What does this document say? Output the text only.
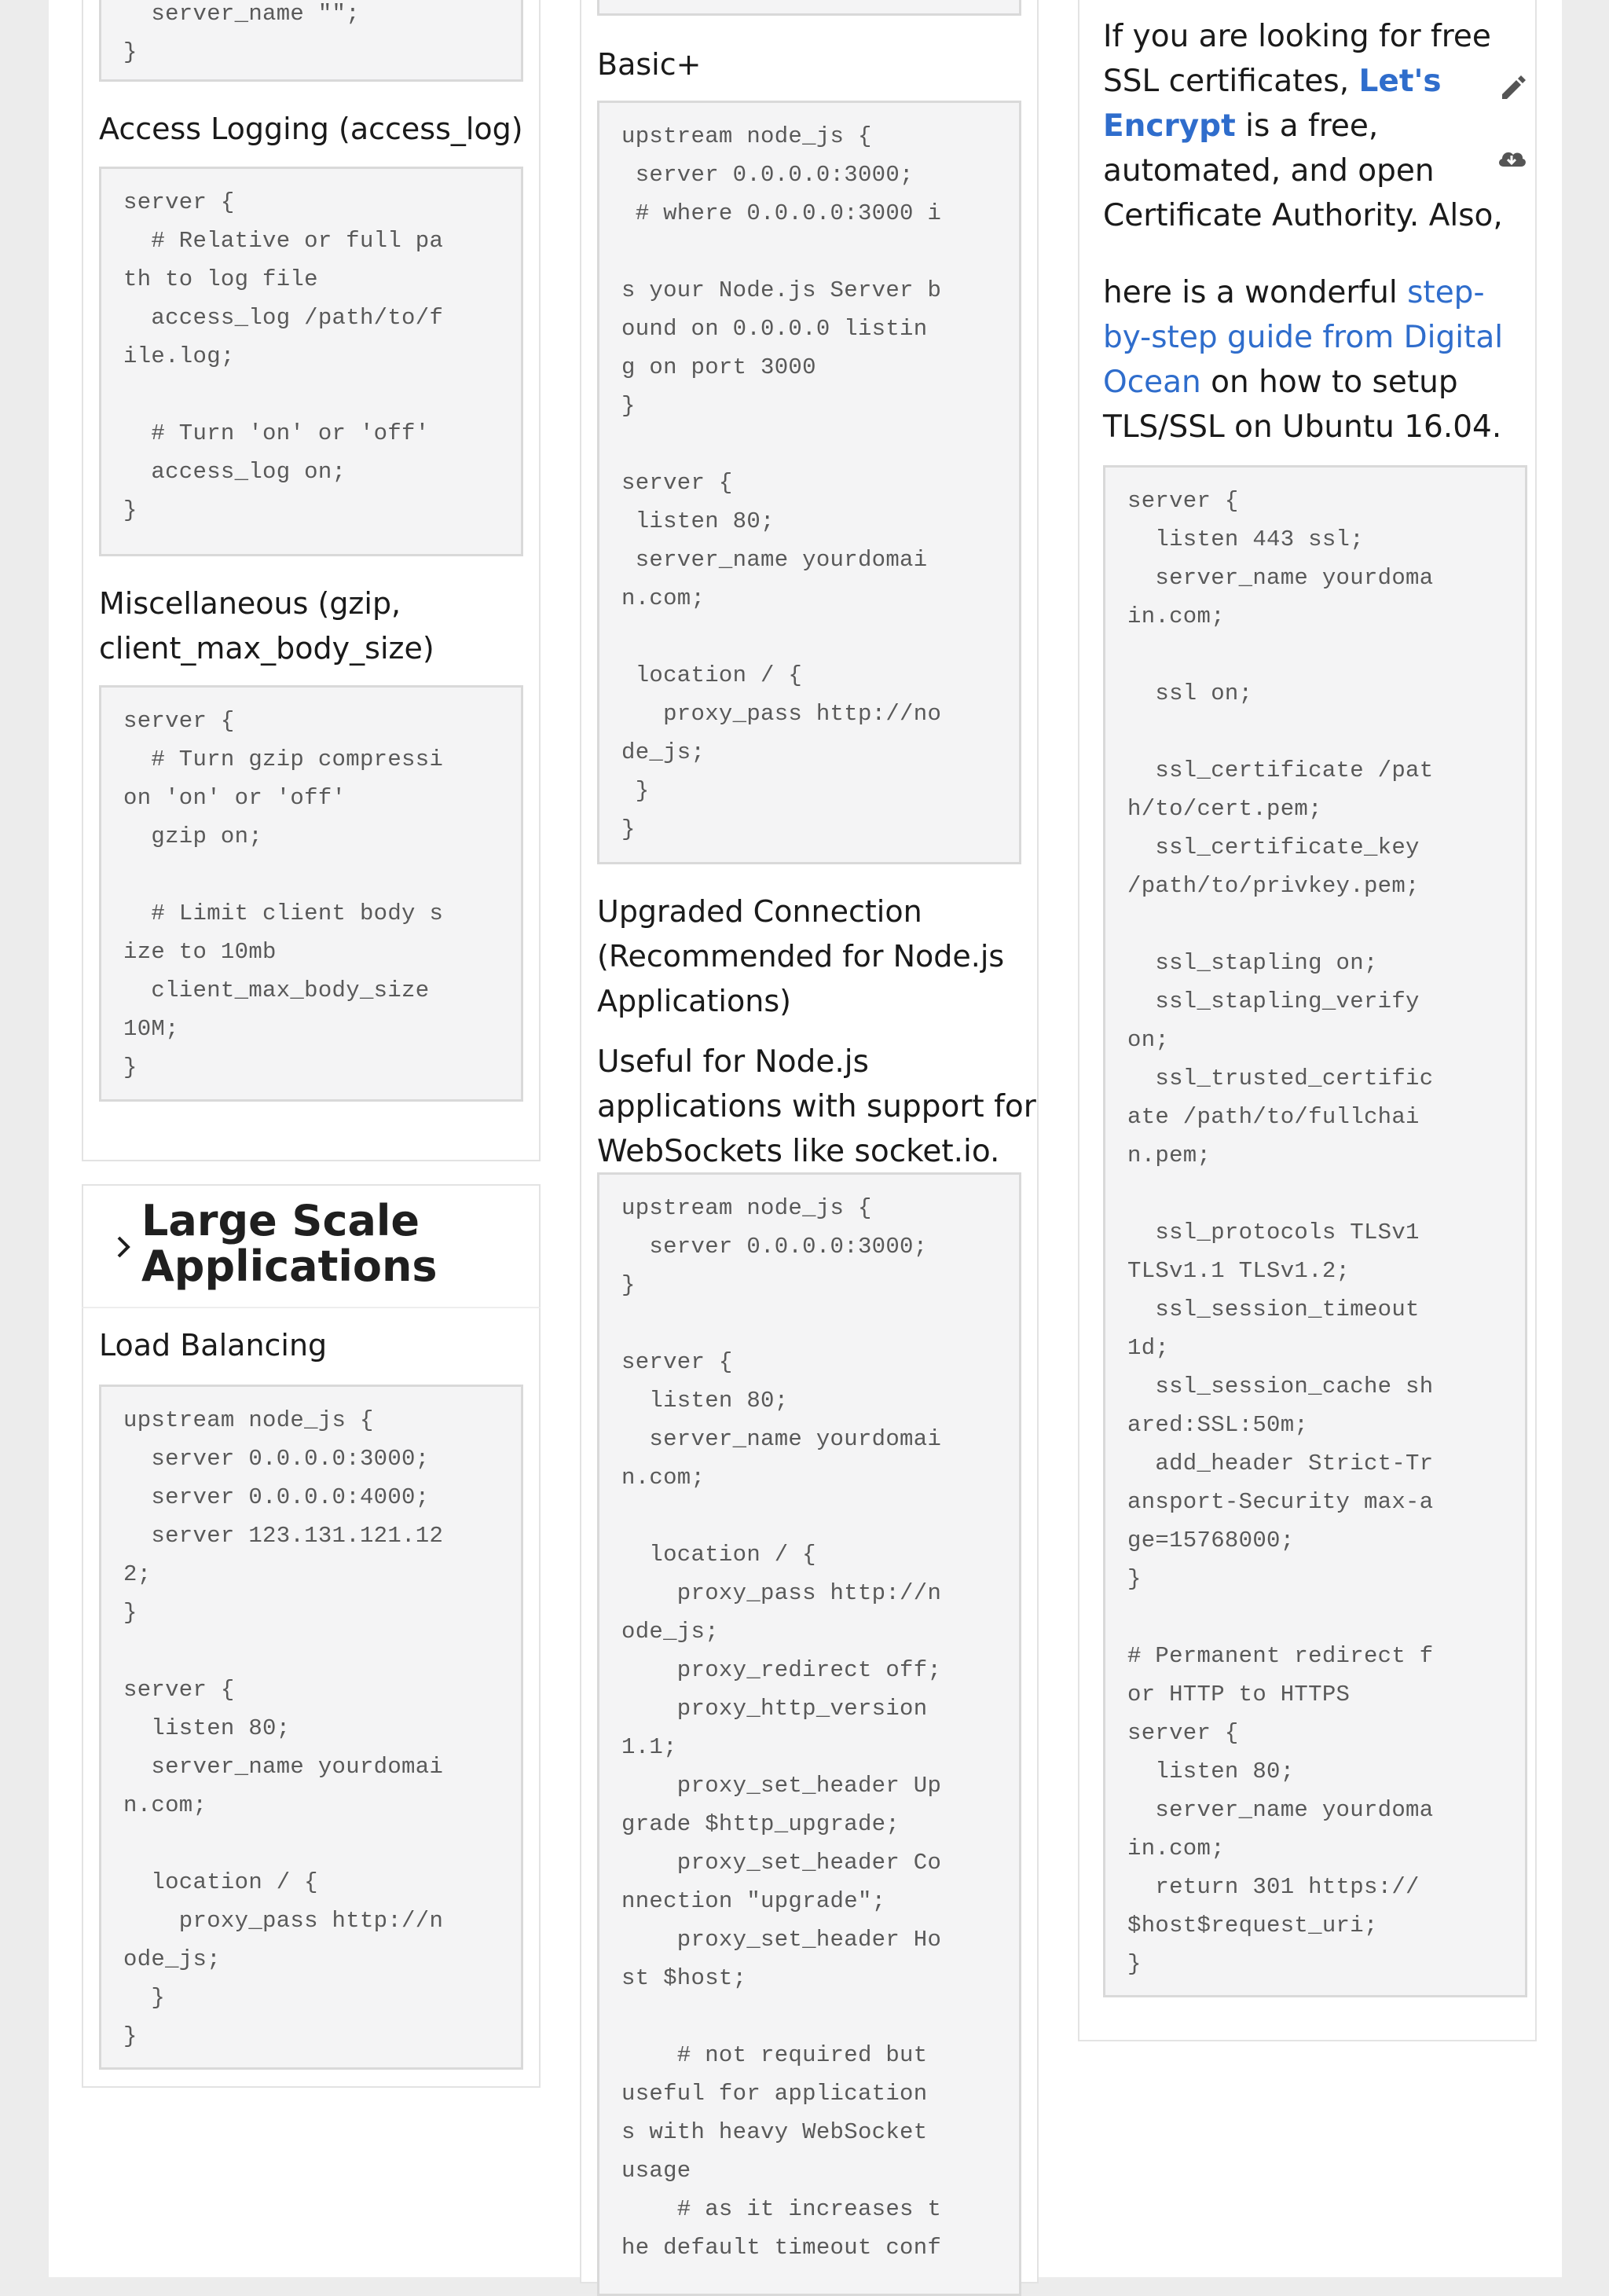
server_name "";
}
Access Logging (access_log)
server {
# Relative or full pa
th to log file
access_log /path/to/f
ile.log;

# Turn 'on' or 'off'
access_log on;
}
Miscellaneous (gzip, client_max_body_size)
server {
# Turn gzip compressi
on 'on' or 'off'
gzip on;

# Limit client body s
ize to 10mb
client_max_body_size
10M;
}
Large Scale Applications
Load Balancing
upstream node_js {
server 0.0.0.0:3000;
server 0.0.0.0:4000;
server 123.131.121.12
2;
}

server {
listen 80;
server_name yourdomai
n.com;

location / {
proxy_pass http://n
ode_js;
}
}
Basic+
upstream node_js {
server 0.0.0.0:3000;
# where 0.0.0.0:3000 i

s your Node.js Server b
ound on 0.0.0.0 listin
g on port 3000
}

server {
listen 80;
server_name yourdomai
n.com;

location / {
proxy_pass http://no
de_js;
}
}
Upgraded Connection (Recommended for Node.js Applications)

Useful for Node.js applications with support for WebSockets like socket.io.

upstream node_js {
server 0.0.0.0:3000;
}

server {
listen 80;
server_name yourdomai
n.com;

location / {
proxy_pass http://n
ode_js;
proxy_redirect off;
proxy_http_version
1.1;
proxy_set_header Up
grade $http_upgrade;
proxy_set_header Co
nnection "upgrade";
proxy_set_header Ho
st $host;

# not required but
useful for application
s with heavy WebSocket
usage
# as it increases t
he default timeout conf

If you are looking for free SSL certificates, Let's Encrypt is a free, automated, and open Certificate Authority. Also,

here is a wonderful step-by-step guide from Digital Ocean on how to setup TLS/SSL on Ubuntu 16.04.

server {
listen 443 ssl;
server_name yourdoma
in.com;

ssl on;

ssl_certificate /pat
h/to/cert.pem;
ssl_certificate_key
/path/to/privkey.pem;

ssl_stapling on;
ssl_stapling_verify
on;
ssl_trusted_certific
ate /path/to/fullchai
n.pem;

ssl_protocols TLSv1
TLSv1.1 TLSv1.2;
ssl_session_timeout
1d;
ssl_session_cache sh
ared:SSL:50m;
add_header Strict-Tr
ansport-Security max-a
ge=15768000;
}

# Permanent redirect f
or HTTP to HTTPS
server {
listen 80;
server_name yourdoma
in.com;
return 301 https://
$host$request_uri;
}
